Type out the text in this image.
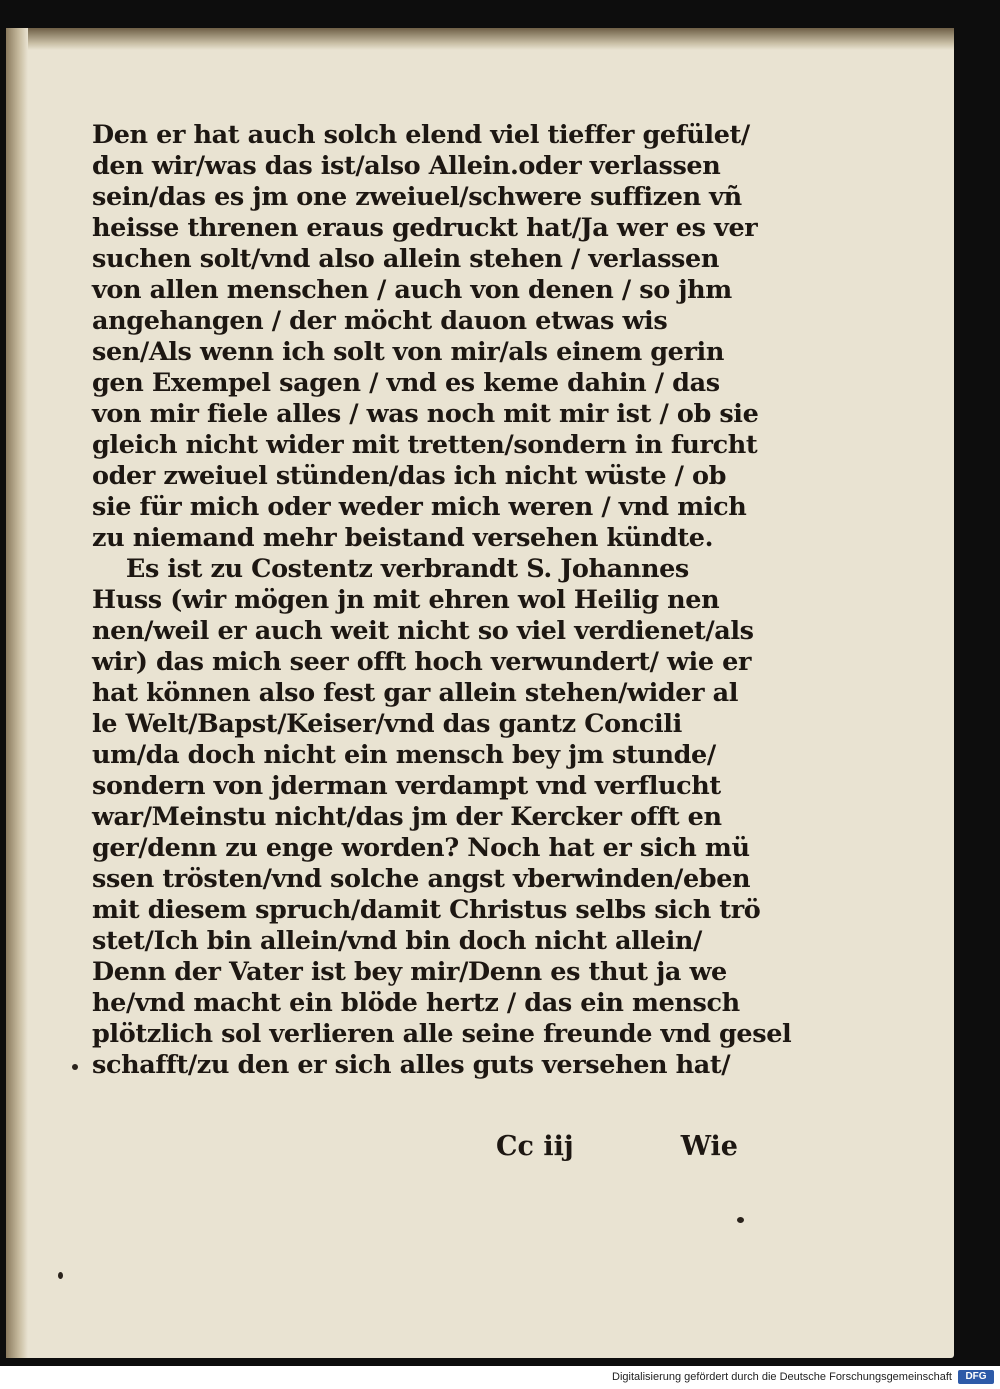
Den er hat auch solch elend viel tieffer gefület/
den wir/was das ist/also Allein.oder verlassen
sein/das es jm one zweiuel/schwere suffizen vñ
heisse threnen eraus gedruckt hat/Ja wer es ver
suchen solt/vnd also allein stehen / verlassen
von allen menschen / auch von denen / so jhm
angehangen / der möcht dauon etwas wis
sen/Als wenn ich solt von mir/als einem gerin
gen Exempel sagen / vnd es keme dahin / das
von mir fiele alles / was noch mit mir ist / ob sie
gleich nicht wider mit tretten/sondern in furcht
oder zweiuel stünden/das ich nicht wüste / ob
sie für mich oder weder mich weren / vnd mich
zu niemand mehr beistand versehen kündte.
Es ist zu Costentz verbrandt S. Johannes
Huss (wir mögen jn mit ehren wol Heilig nen
nen/weil er auch weit nicht so viel verdienet/als
wir) das mich seer offt hoch verwundert/ wie er
hat können also fest gar allein stehen/wider al
le Welt/Bapst/Keiser/vnd das gantz Concili
um/da doch nicht ein mensch bey jm stunde/
sondern von jderman verdampt vnd verflucht
war/Meinstu nicht/das jm der Kercker offt en
ger/denn zu enge worden? Noch hat er sich mü
ssen trösten/vnd solche angst vberwinden/eben
mit diesem spruch/damit Christus selbs sich trö
stet/Ich bin allein/vnd bin doch nicht allein/
Denn der Vater ist bey mir/Denn es thut ja we
he/vnd macht ein blöde hertz / das ein mensch
plötzlich sol verlieren alle seine freunde vnd gesel
schafft/zu den er sich alles guts versehen hat/
Cc iij	Wie
Digitalisierung gefördert durch die Deutsche Forschungsgemeinschaft	DFG
